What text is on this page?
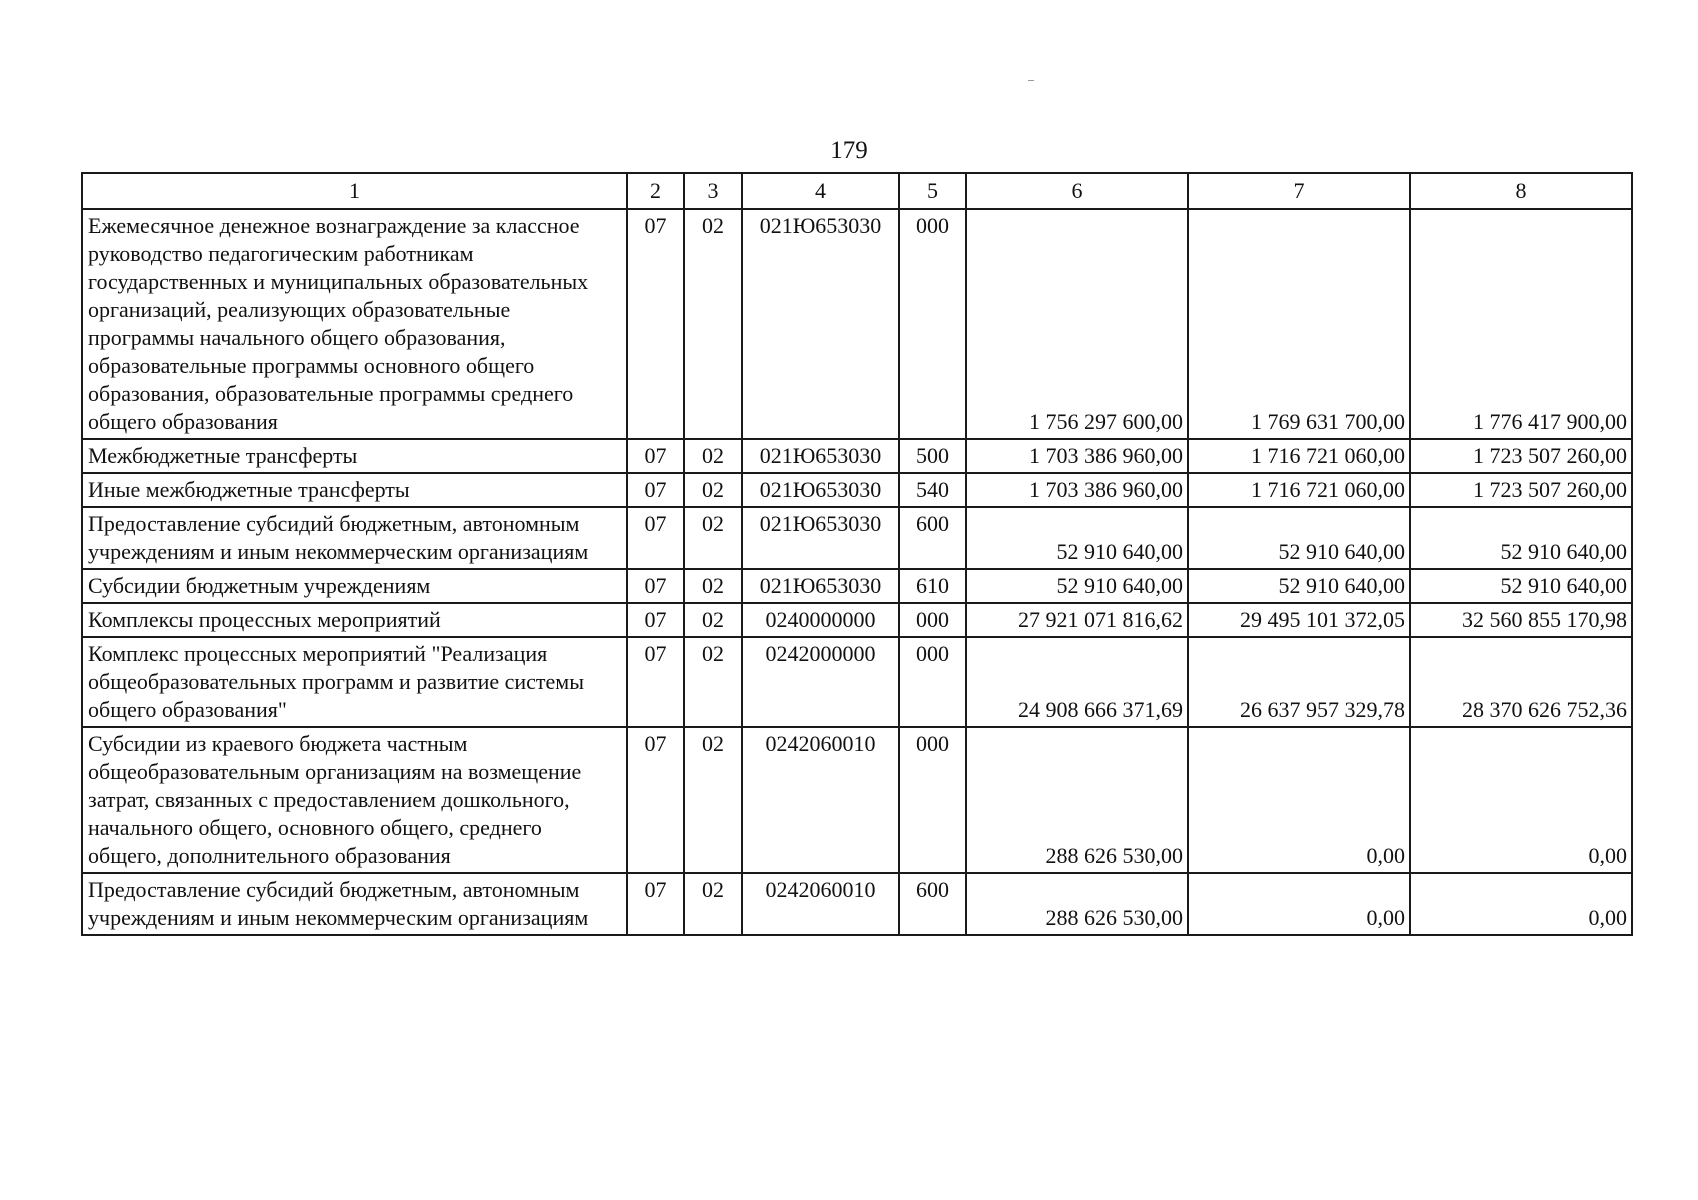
179
1	2	3	4	5	6	7	8
Ежемесячное денежное вознаграждение за классное руководство педагогическим работникам государственных и муниципальных образовательных организаций, реализующих образовательные программы начального общего образования, образовательные программы основного общего образования, образовательные программы среднего общего образования	07	02	021Ю653030	000	1 756 297 600,00	1 769 631 700,00	1 776 417 900,00
Межбюджетные трансферты	07	02	021Ю653030	500	1 703 386 960,00	1 716 721 060,00	1 723 507 260,00
Иные межбюджетные трансферты	07	02	021Ю653030	540	1 703 386 960,00	1 716 721 060,00	1 723 507 260,00
Предоставление субсидий бюджетным, автономным учреждениям и иным некоммерческим организациям	07	02	021Ю653030	600	52 910 640,00	52 910 640,00	52 910 640,00
Субсидии бюджетным учреждениям	07	02	021Ю653030	610	52 910 640,00	52 910 640,00	52 910 640,00
Комплексы процессных мероприятий	07	02	0240000000	000	27 921 071 816,62	29 495 101 372,05	32 560 855 170,98
Комплекс процессных мероприятий "Реализация общеобразовательных программ и развитие системы общего образования"	07	02	0242000000	000	24 908 666 371,69	26 637 957 329,78	28 370 626 752,36
Субсидии из краевого бюджета частным общеобразовательным организациям на возмещение затрат, связанных с предоставлением дошкольного, начального общего, основного общего, среднего общего, дополнительного образования	07	02	0242060010	000	288 626 530,00	0,00	0,00
Предоставление субсидий бюджетным, автономным учреждениям и иным некоммерческим организациям	07	02	0242060010	600	288 626 530,00	0,00	0,00
